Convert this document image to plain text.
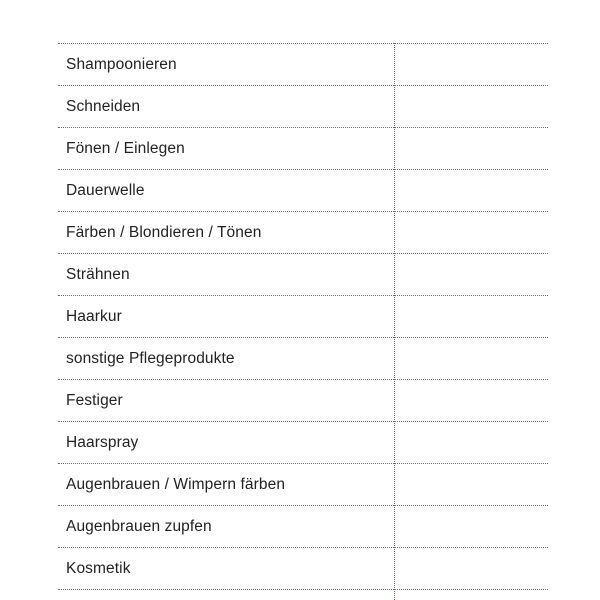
Shampoonieren
Schneiden
Fönen / Einlegen
Dauerwelle
Färben / Blondieren / Tönen
Strähnen
Haarkur
sonstige Pflegeprodukte
Festiger
Haarspray
Augenbrauen / Wimpern färben
Augenbrauen zupfen
Kosmetik
